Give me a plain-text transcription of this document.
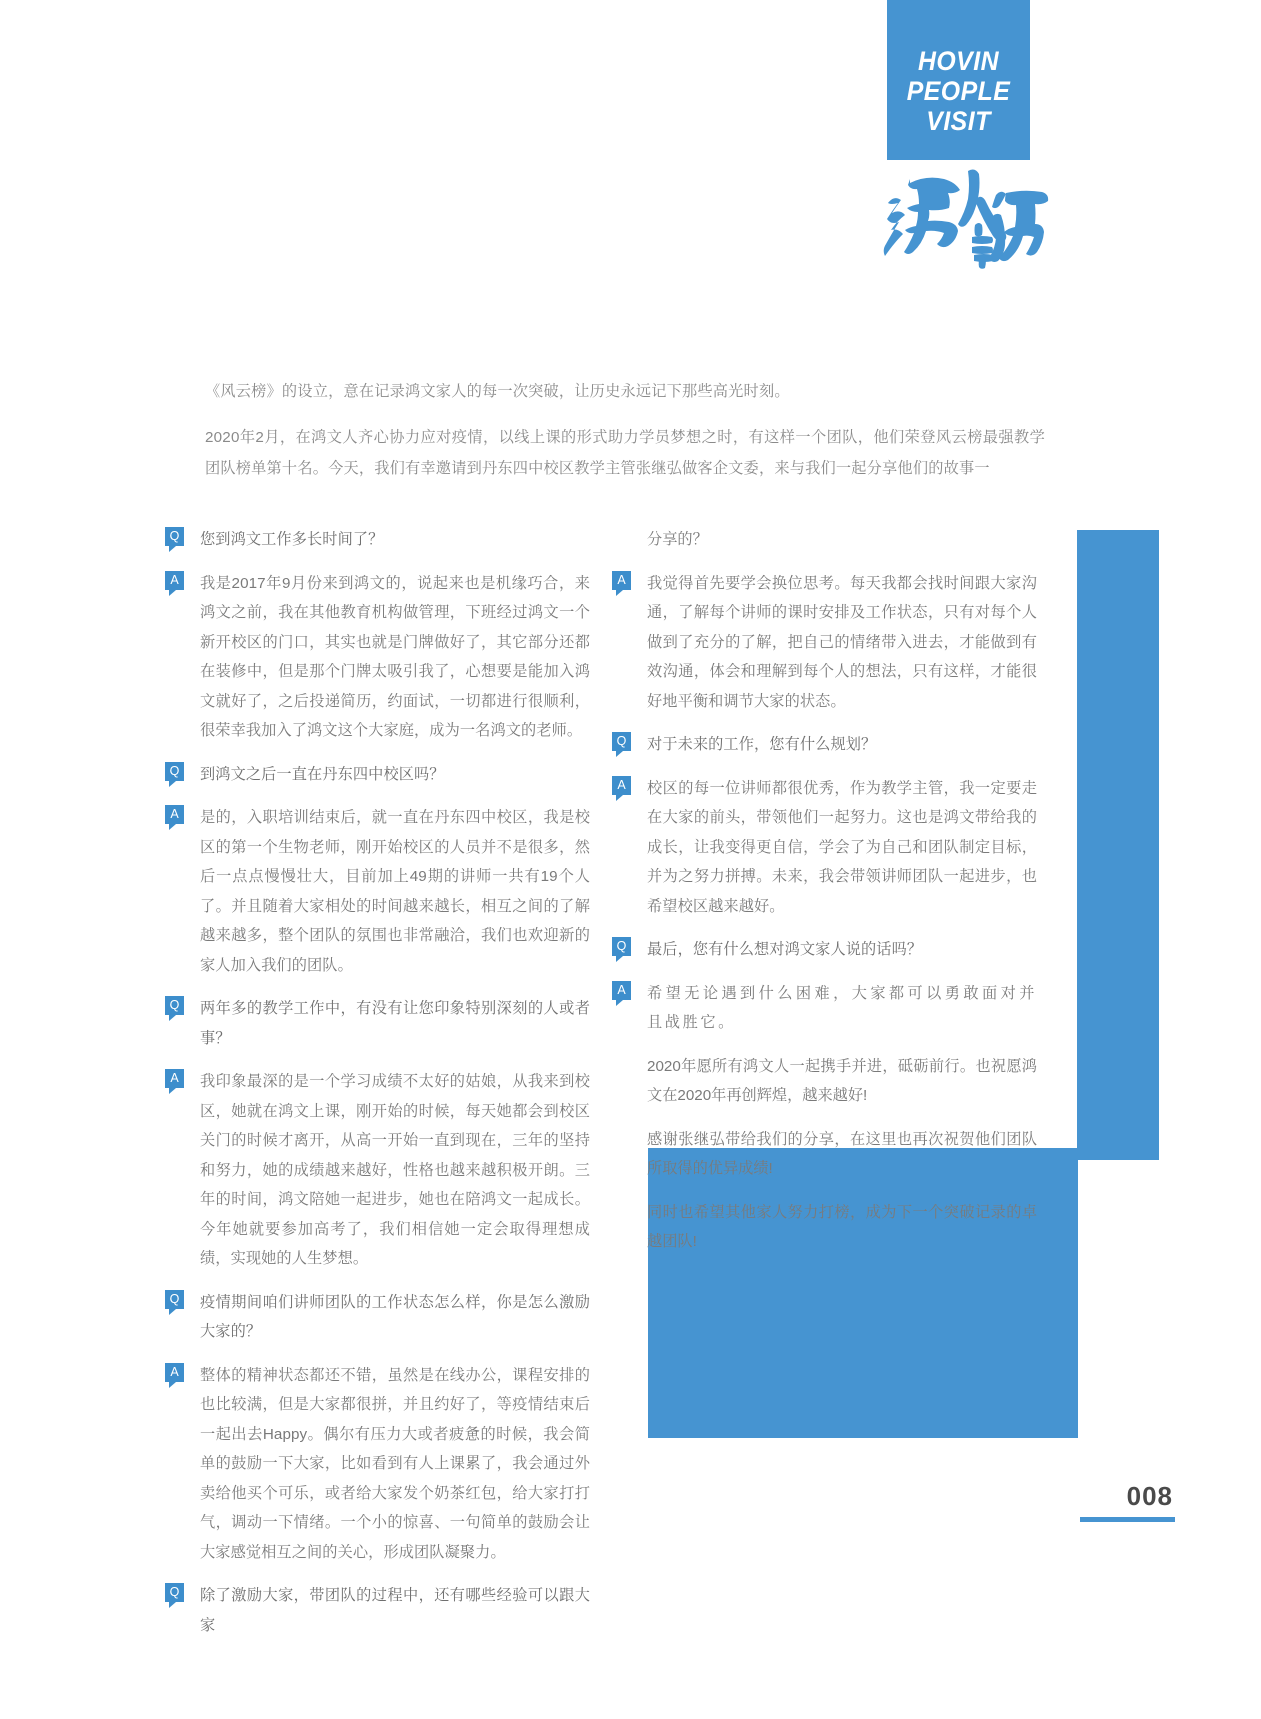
HOVIN
PEOPLE
VISIT

《风云榜》的设立，意在记录鸿文家人的每一次突破，让历史永远记下那些高光时刻。

2020年2月，在鸿文人齐心协力应对疫情，以线上课的形式助力学员梦想之时，有这样一个团队，他们荣登风云榜最强教学团队榜单第十名。今天，我们有幸邀请到丹东四中校区教学主管张继弘做客企文委，来与我们一起分享他们的故事一

Q	您到鸿文工作多长时间了？
A	我是2017年9月份来到鸿文的，说起来也是机缘巧合，来鸿文之前，我在其他教育机构做管理，下班经过鸿文一个新开校区的门口，其实也就是门牌做好了，其它部分还都在装修中，但是那个门牌太吸引我了，心想要是能加入鸿文就好了，之后投递简历，约面试，一切都进行很顺利，很荣幸我加入了鸿文这个大家庭，成为一名鸿文的老师。
Q	到鸿文之后一直在丹东四中校区吗？
A	是的，入职培训结束后，就一直在丹东四中校区，我是校区的第一个生物老师，刚开始校区的人员并不是很多，然后一点点慢慢壮大，目前加上49期的讲师一共有19个人了。并且随着大家相处的时间越来越长，相互之间的了解越来越多，整个团队的氛围也非常融洽，我们也欢迎新的家人加入我们的团队。
Q	两年多的教学工作中，有没有让您印象特别深刻的人或者事？
A	我印象最深的是一个学习成绩不太好的姑娘，从我来到校区，她就在鸿文上课，刚开始的时候，每天她都会到校区关门的时候才离开，从高一开始一直到现在，三年的坚持和努力，她的成绩越来越好，性格也越来越积极开朗。三年的时间，鸿文陪她一起进步，她也在陪鸿文一起成长。今年她就要参加高考了，我们相信她一定会取得理想成绩，实现她的人生梦想。
Q	疫情期间咱们讲师团队的工作状态怎么样，你是怎么激励大家的？
A	整体的精神状态都还不错，虽然是在线办公，课程安排的也比较满，但是大家都很拼，并且约好了，等疫情结束后一起出去Happy。偶尔有压力大或者疲惫的时候，我会简单的鼓励一下大家，比如看到有人上课累了，我会通过外卖给他买个可乐，或者给大家发个奶茶红包，给大家打打气，调动一下情绪。一个小的惊喜、一句简单的鼓励会让大家感觉相互之间的关心，形成团队凝聚力。
Q	除了激励大家，带团队的过程中，还有哪些经验可以跟大家
分享的？
A	我觉得首先要学会换位思考。每天我都会找时间跟大家沟通，了解每个讲师的课时安排及工作状态，只有对每个人做到了充分的了解，把自己的情绪带入进去，才能做到有效沟通，体会和理解到每个人的想法，只有这样，才能很好地平衡和调节大家的状态。
Q	对于未来的工作，您有什么规划？
A	校区的每一位讲师都很优秀，作为教学主管，我一定要走在大家的前头，带领他们一起努力。这也是鸿文带给我的成长，让我变得更自信，学会了为自己和团队制定目标，并为之努力拼搏。未来，我会带领讲师团队一起进步，也希望校区越来越好。
Q	最后，您有什么想对鸿文家人说的话吗？
A	希望无论遇到什么困难，大家都可以勇敢面对并且战胜它。
2020年愿所有鸿文人一起携手并进，砥砺前行。也祝愿鸿文在2020年再创辉煌，越来越好!
感谢张继弘带给我们的分享，在这里也再次祝贺他们团队所取得的优异成绩!
同时也希望其他家人努力打榜，成为下一个突破记录的卓越团队!
008
